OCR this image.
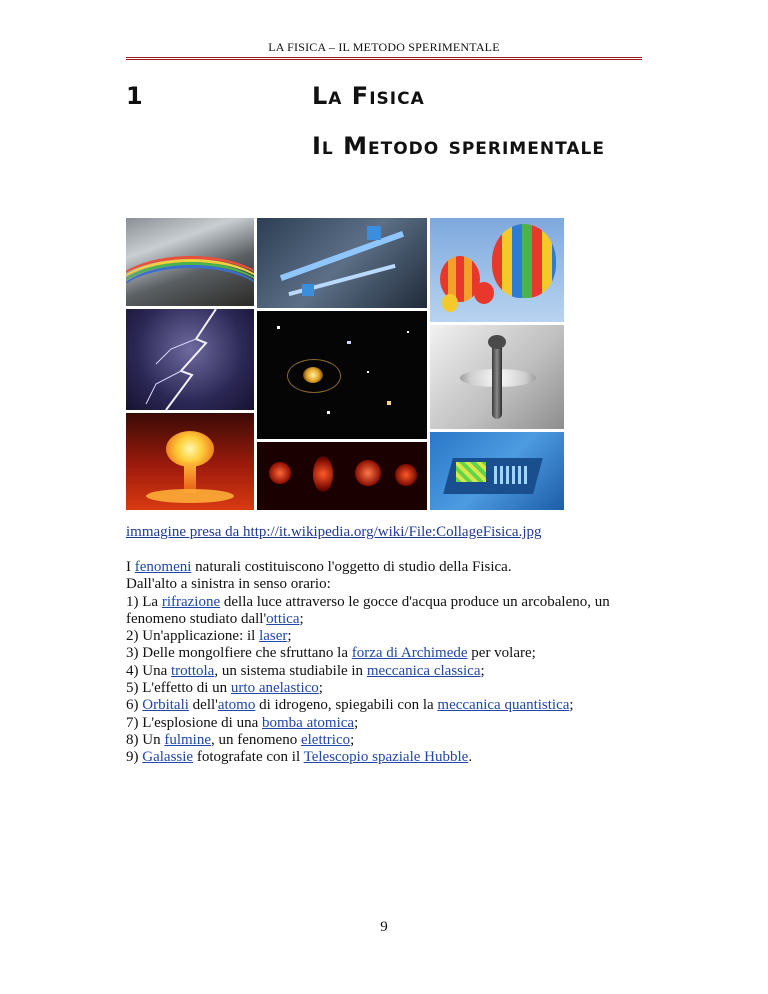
LA FISICA – IL METODO SPERIMENTALE
1	La Fisica
Il Metodo sperimentale
immagine presa da http://it.wikipedia.org/wiki/File:CollageFisica.jpg

I fenomeni naturali costituiscono l'oggetto di studio della Fisica.

Dall'alto a sinistra in senso orario:

1) La rifrazione della luce attraverso le gocce d'acqua produce un arcobaleno, un fenomeno studiato dall'ottica;

2) Un'applicazione: il laser;

3) Delle mongolfiere che sfruttano la forza di Archimede per volare;

4) Una trottola, un sistema studiabile in meccanica classica;

5) L'effetto di un urto anelastico;

6) Orbitali dell'atomo di idrogeno, spiegabili con la meccanica quantistica;

7) L'esplosione di una bomba atomica;

8) Un fulmine, un fenomeno elettrico;

9) Galassie fotografate con il Telescopio spaziale Hubble.

9
